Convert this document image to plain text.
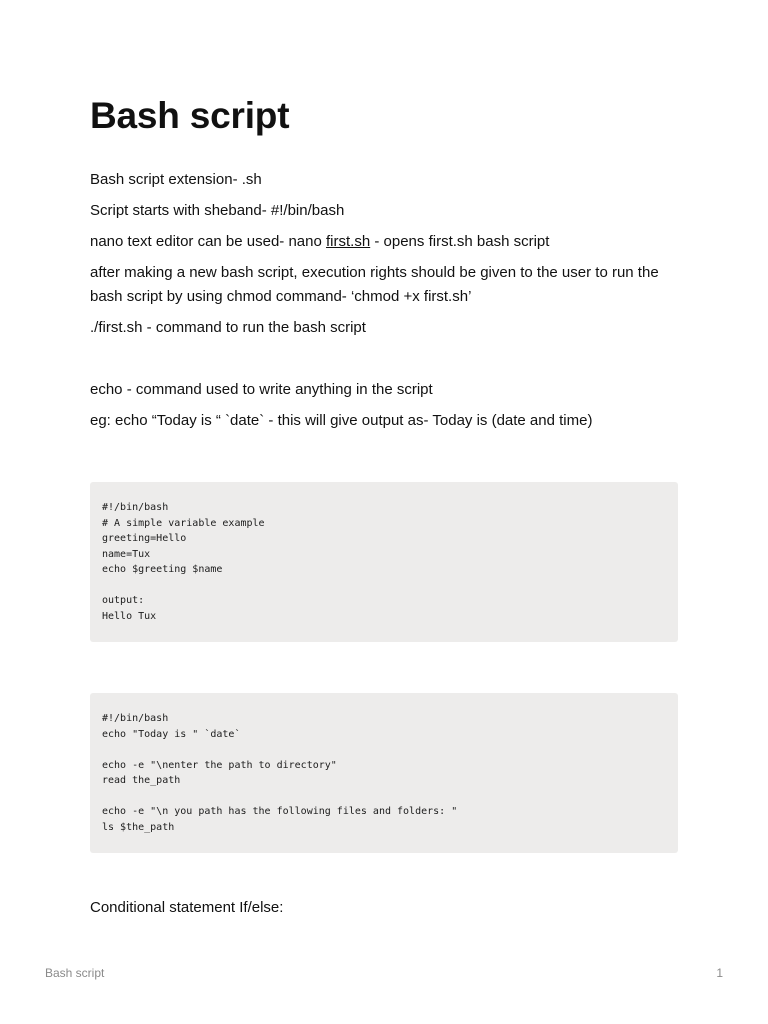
Bash script

Bash script extension- .sh

Script starts with sheband- #!/bin/bash

nano text editor can be used- nano first.sh - opens first.sh bash script

after making a new bash script, execution rights should be given to the user to run the bash script by using chmod command- ‘chmod +x first.sh’

./first.sh - command to run the bash script

echo - command used to write anything in the script

eg: echo “Today is “ `date` - this will give output as- Today is (date and time)

#!/bin/bash
# A simple variable example
greeting=Hello
name=Tux
echo $greeting $name

output:
Hello Tux
#!/bin/bash
echo "Today is " `date`

echo -e "\nenter the path to directory"
read the_path

echo -e "\n you path has the following files and folders: "
ls $the_path

Conditional statement If/else:

Bash script	1
